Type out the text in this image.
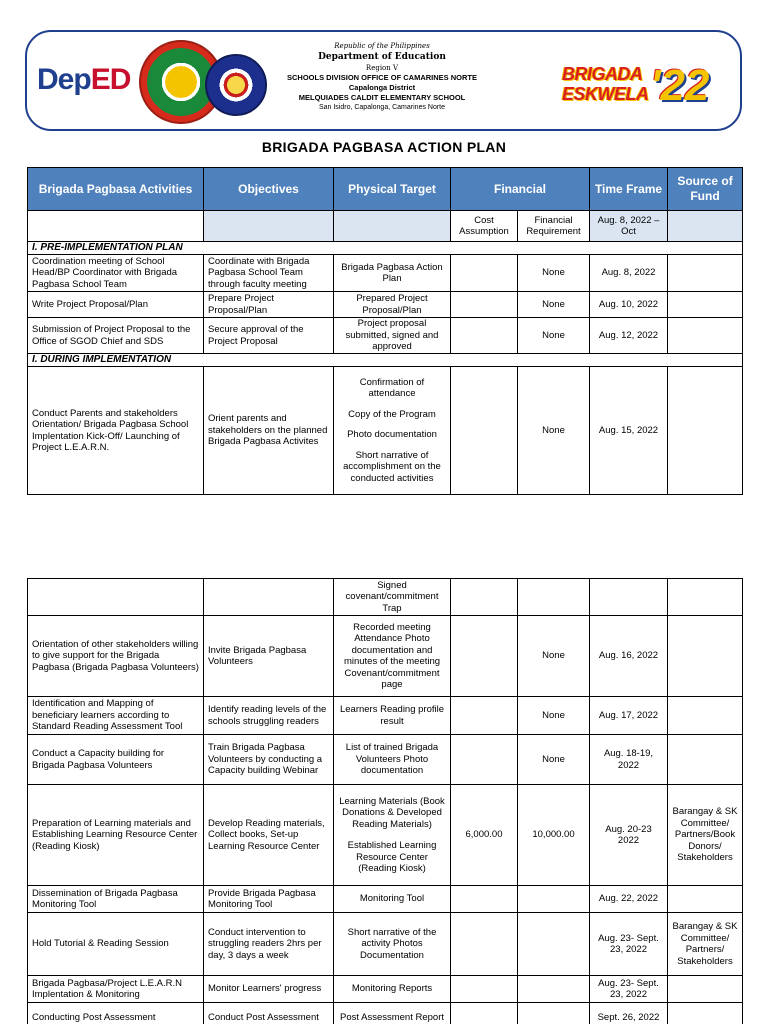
DepED
Republic of the Philippines
Department of Education
Region V
SCHOOLS DIVISION OFFICE OF CAMARINES NORTE
Capalonga District
MELQUIADES CALDIT ELEMENTARY SCHOOL
San Isidro, Capalonga, Camarines Norte
BRIGADA
ESKWELA '22
BRIGADA PAGBASA ACTION PLAN
Brigada Pagbasa Activities	Objectives	Physical Target	Financial		Time Frame	Source of Fund
			Cost Assumption	Financial Requirement	Aug. 8, 2022 – Oct	
I. PRE-IMPLEMENTATION PLAN						
Coordination meeting of School Head/BP Coordinator with Brigada Pagbasa School Team	Coordinate with Brigada Pagbasa School Team through faculty meeting	Brigada Pagbasa Action Plan		None	Aug. 8, 2022	
Write Project Proposal/Plan	Prepare Project Proposal/Plan	Prepared Project Proposal/Plan		None	Aug. 10, 2022	
Submission of Project Proposal to the Office of SGOD Chief and SDS	Secure approval of the Project Proposal	Project proposal submitted, signed and approved		None	Aug. 12, 2022	
I. DURING IMPLEMENTATION						
Conduct Parents and stakeholders Orientation/ Brigada Pagbasa School Implentation Kick-Off/ Launching of Project L.E.A.R.N.	Orient parents and stakeholders on the planned Brigada Pagbasa Activites	Confirmation of attendance
Copy of the Program
Photo documentation
Short narrative of accomplishment on the conducted activities		None	Aug. 15, 2022	
		Signed covenant/commitment Trap				
Orientation of other stakeholders willing to give support for the Brigada Pagbasa (Brigada Pagbasa Volunteers)	Invite Brigada Pagbasa Volunteers	Recorded meeting Attendance Photo documentation and minutes of the meeting Covenant/commitment page		None	Aug. 16, 2022	
Identification and Mapping of beneficiary learners according to Standard Reading Assessment Tool	Identify reading levels of the schools struggling readers	Learners Reading profile result		None	Aug. 17, 2022	
Conduct a Capacity building for Brigada Pagbasa Volunteers	Train Brigada Pagbasa Volunteers by conducting a Capacity building Webinar	List of trained Brigada Volunteers Photo documentation		None	Aug. 18-19, 2022	
Preparation of Learning materials and Establishing Learning Resource Center (Reading Kiosk)	Develop Reading materials, Collect books, Set-up Learning Resource Center	Learning Materials (Book Donations & Developed Reading Materials)
Established Learning Resource Center (Reading Kiosk)	6,000.00	10,000.00	Aug. 20-23 2022	Barangay & SK Committee/ Partners/Book Donors/ Stakeholders
Dissemination of Brigada Pagbasa Monitoring Tool	Provide Brigada Pagbasa Monitoring Tool	Monitoring Tool			Aug. 22, 2022	
Hold Tutorial & Reading Session	Conduct intervention to struggling readers 2hrs per day, 3 days a week	Short narrative of the activity Photos Documentation			Aug. 23- Sept. 23, 2022	Barangay & SK Committee/ Partners/ Stakeholders
Brigada Pagbasa/Project L.E.A.R.N Implentation & Monitoring	Monitor Learners' progress	Monitoring Reports			Aug. 23- Sept. 23, 2022	
Conducting Post Assessment	Conduct Post Assessment	Post Assessment Report			Sept. 26, 2022	
